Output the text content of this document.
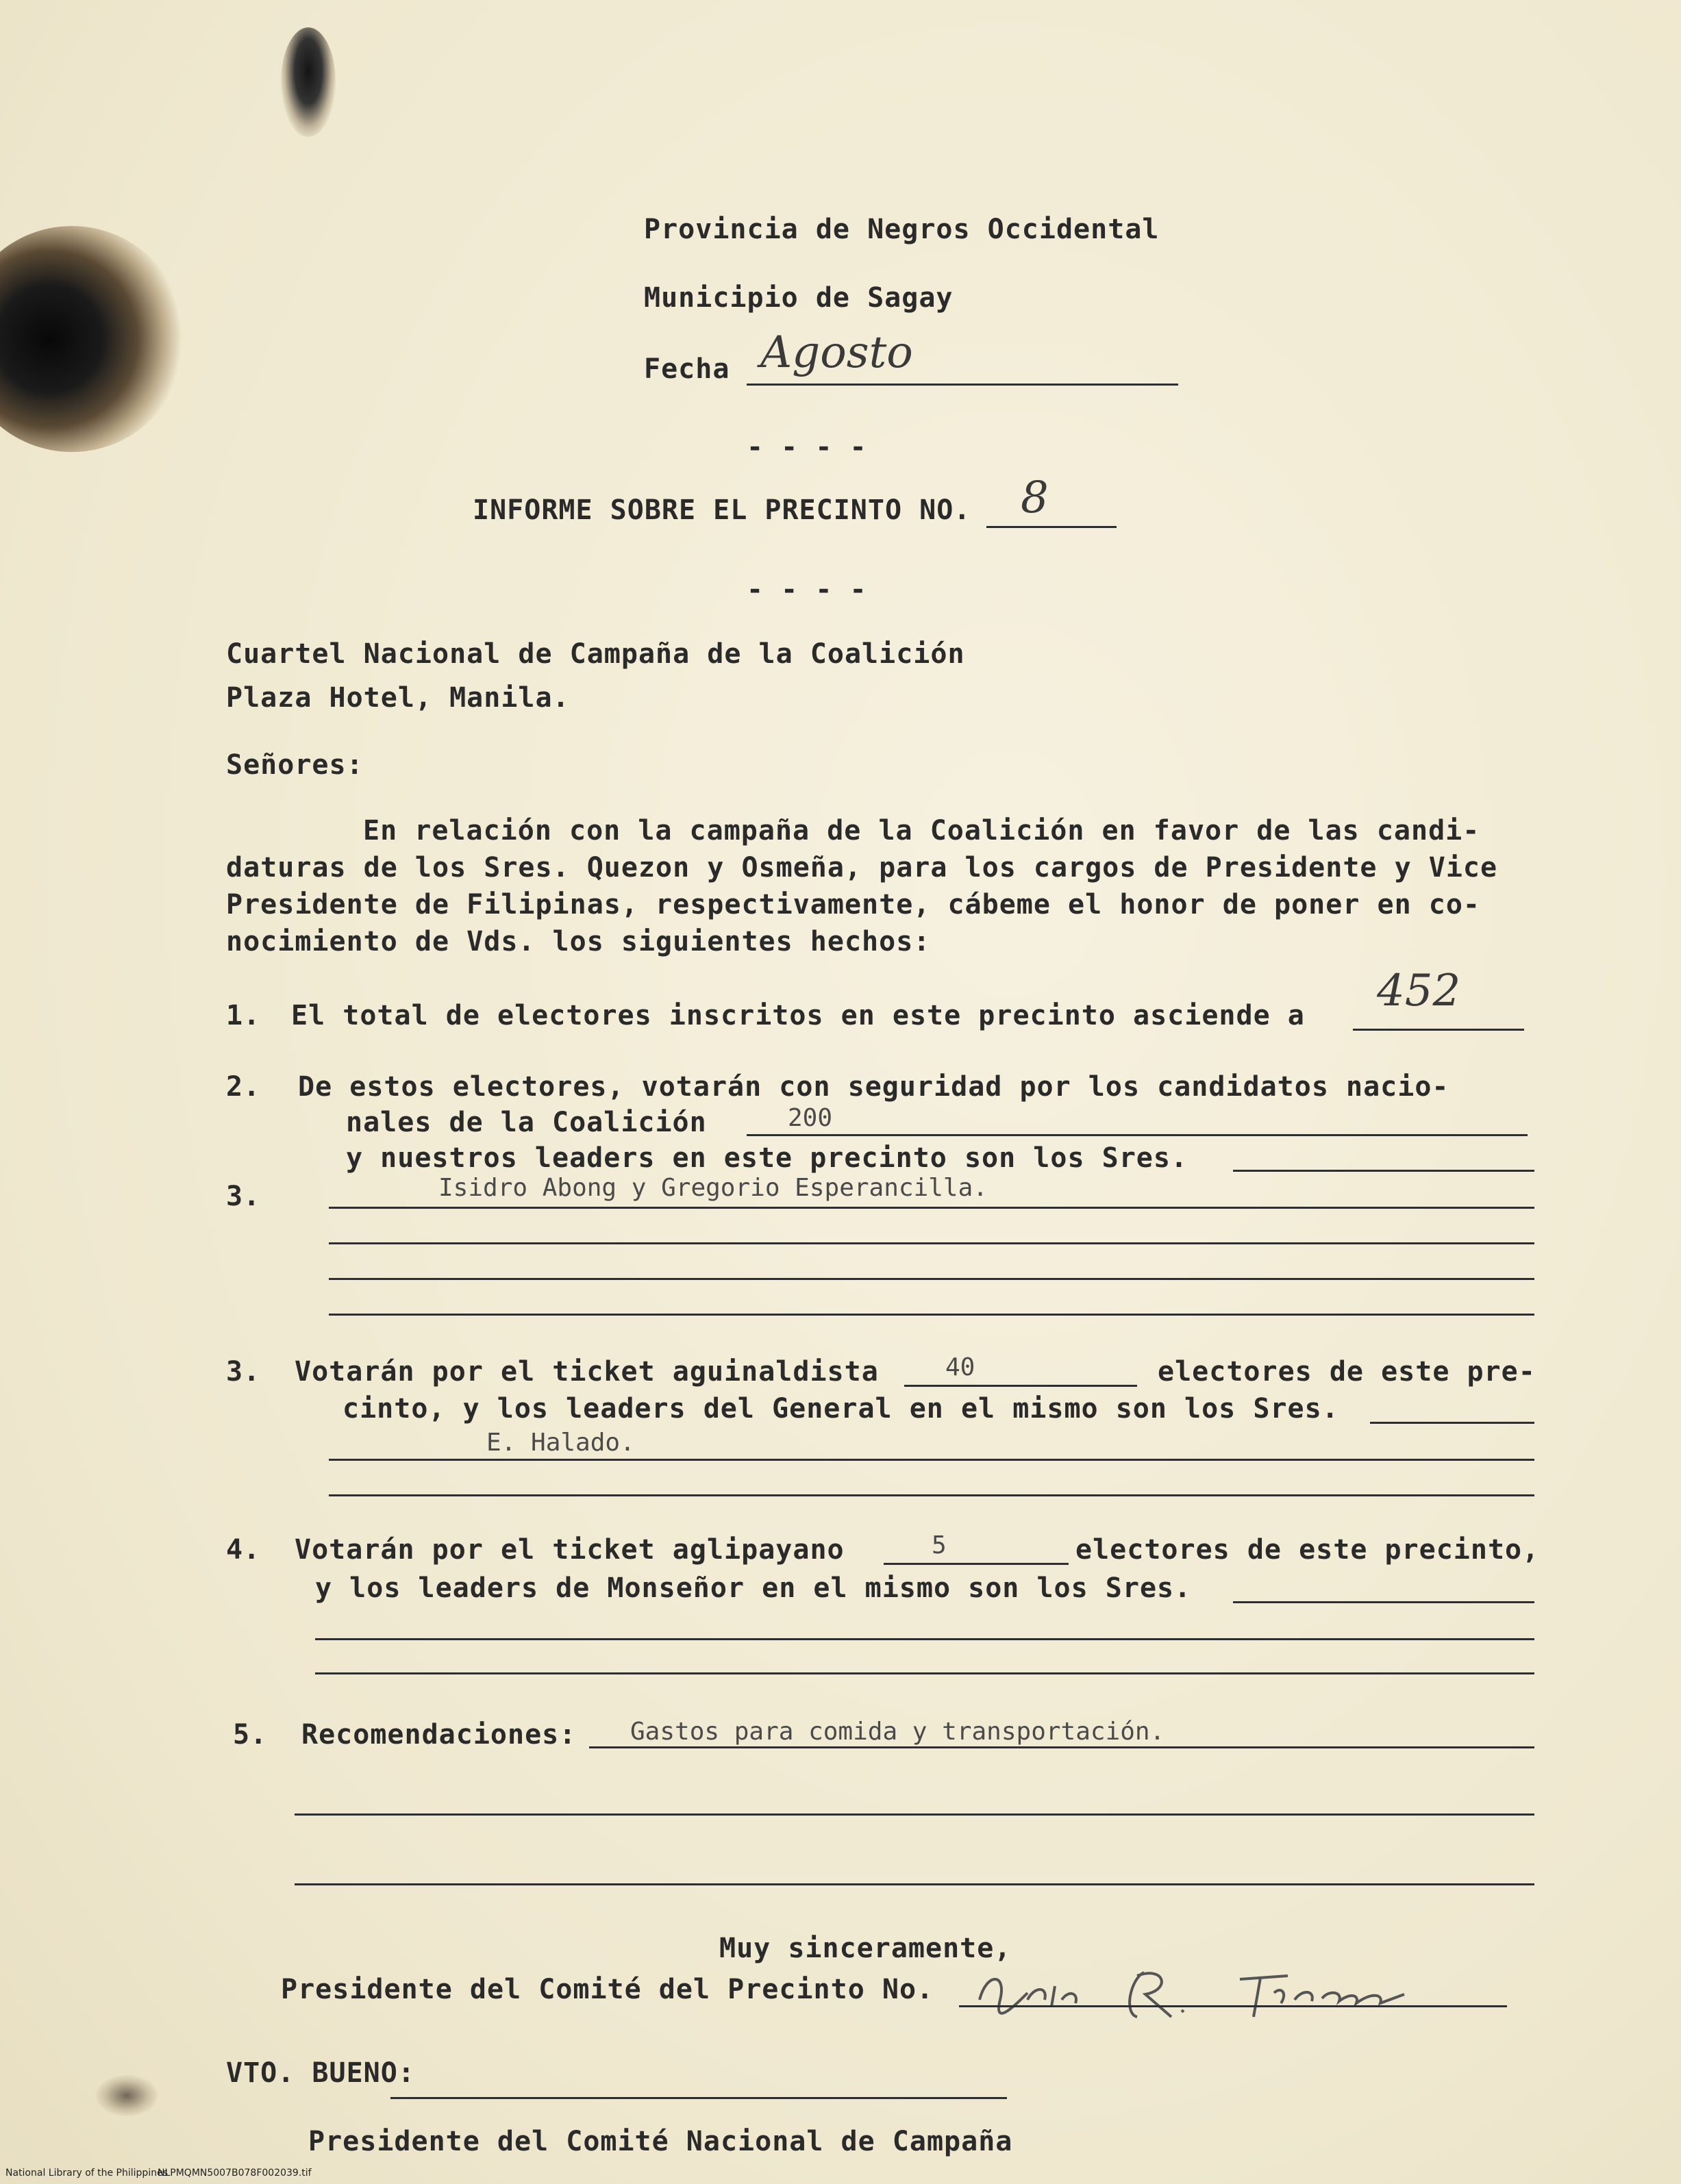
Provincia de Negros Occidental
Municipio de Sagay
Fecha Agosto
- - - -
INFORME SOBRE EL PRECINTO NO. 8
- - - -
Cuartel Nacional de Campaña de la Coalición
Plaza Hotel, Manila.
Señores:
En relación con la campaña de la Coalición en favor de las candi-
daturas de los Sres. Quezon y Osmeña, para los cargos de Presidente y Vice
Presidente de Filipinas, respectivamente, cábeme el honor de poner en co-
nocimiento de Vds. los siguientes hechos:
1. El total de electores inscritos en este precinto asciende a 452
2. De estos electores, votarán con seguridad por los candidatos nacio-
nales de la Coalición	200
y nuestros leaders en este precinto son los Sres.
3.	Isidro Abong y Gregorio Esperancilla.
3. Votarán por el ticket aguinaldista	40	electores de este pre-
cinto, y los leaders del General en el mismo son los Sres.
E. Halado.
4. Votarán por el ticket aglipayano	5	electores de este precinto,
y los leaders de Monseñor en el mismo son los Sres.
5. Recomendaciones: Gastos para comida y transportación.
Muy sinceramente,
Presidente del Comité del Precinto No.
VTO. BUENO:
Presidente del Comité Nacional de Campaña
National Library of the Philippines
NLPMQMN5007B078F002039.tif
